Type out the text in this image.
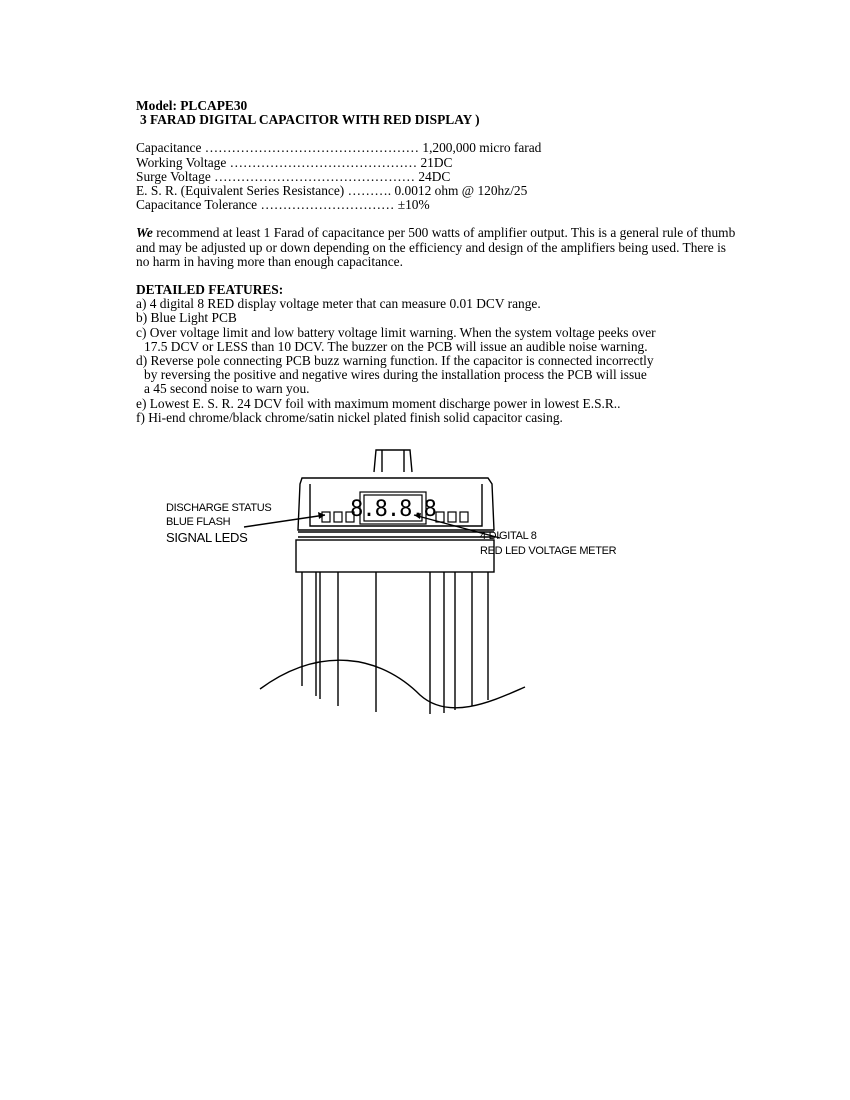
Model: PLCAPE30
3 FARAD DIGITAL CAPACITOR WITH RED DISPLAY )
Capacitance ………………………………………… 1,200,000 micro farad
Working Voltage …………………………………… 21DC
Surge Voltage ……………………………………… 24DC
E. S. R. (Equivalent Series Resistance) ………. 0.0012 ohm @ 120hz/25
Capacitance Tolerance ………………………… ±10%
We recommend at least 1 Farad of capacitance per 500 watts of amplifier output. This is a general rule of thumb and may be adjusted up or down depending on the efficiency and design of the amplifiers being used. There is no harm in having more than enough capacitance.
DETAILED FEATURES:
a) 4 digital 8 RED display voltage meter that can measure 0.01 DCV range.
b) Blue Light PCB
c) Over voltage limit and low battery voltage limit warning. When the system voltage peeks over
17.5 DCV or LESS than 10 DCV. The buzzer on the PCB will issue an audible noise warning.
d) Reverse pole connecting PCB buzz warning function. If the capacitor is connected incorrectly
by reversing the positive and negative wires during the installation process the PCB will issue
a 45 second noise to warn you.
e) Lowest E. S. R. 24 DCV foil with maximum moment discharge power in lowest E.S.R..
f) Hi-end chrome/black chrome/satin nickel plated finish solid capacitor casing.
8.8.8.8
DISCHARGE STATUS
BLUE FLASH
SIGNAL LEDS	4 DIGITAL 8
RED LED VOLTAGE METER
